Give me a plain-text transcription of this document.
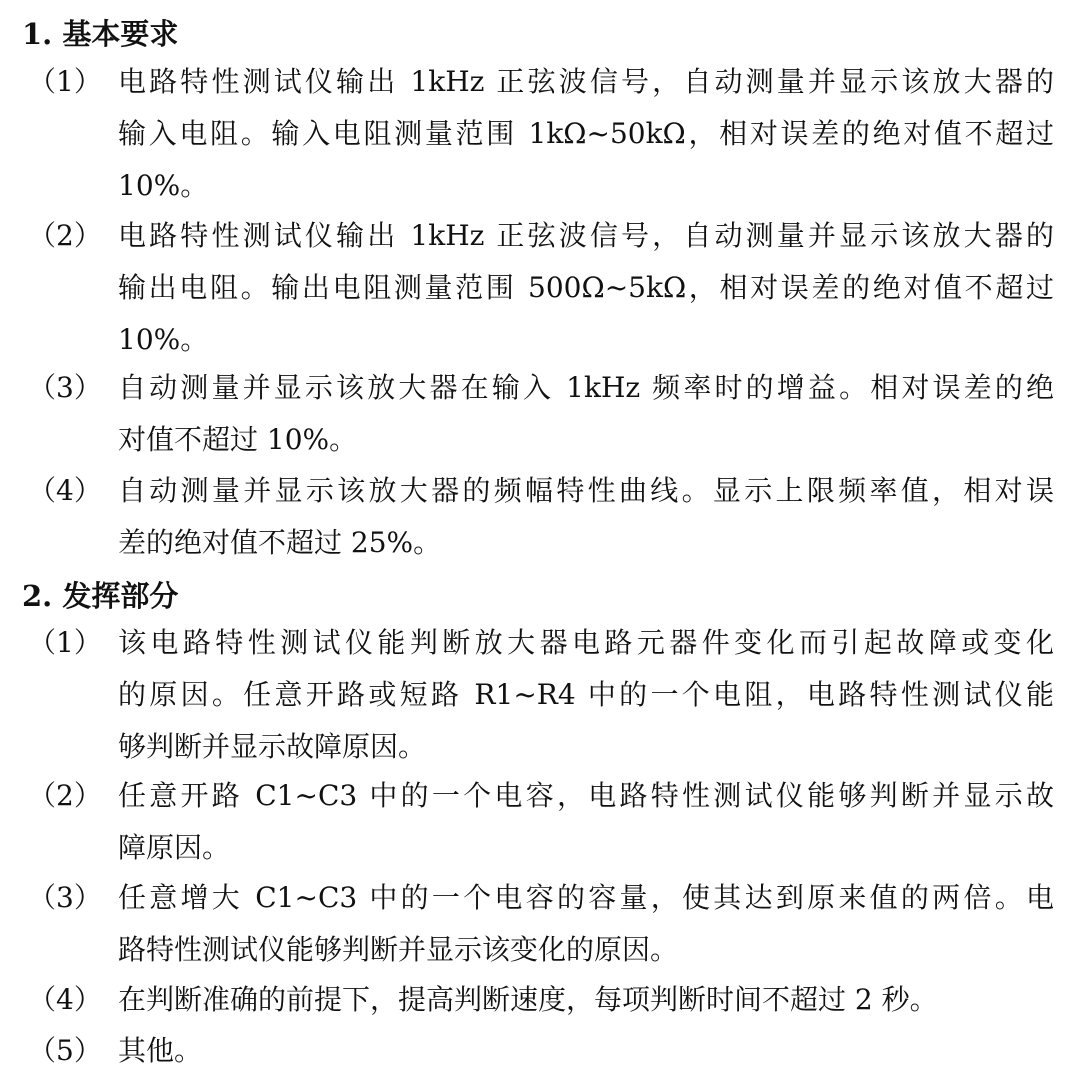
1. 基本要求
（1） 电路特性测试仪输出 1kHz 正弦波信号，自动测量并显示该放大器的
输入电阻。输入电阻测量范围 1kΩ~50kΩ，相对误差的绝对值不超过
10%。
（2） 电路特性测试仪输出 1kHz 正弦波信号，自动测量并显示该放大器的
输出电阻。输出电阻测量范围 500Ω~5kΩ，相对误差的绝对值不超过
10%。
（3） 自动测量并显示该放大器在输入 1kHz 频率时的增益。相对误差的绝
对值不超过 10%。
（4） 自动测量并显示该放大器的频幅特性曲线。显示上限频率值，相对误
差的绝对值不超过 25%。
2. 发挥部分
（1） 该电路特性测试仪能判断放大器电路元器件变化而引起故障或变化
的原因。任意开路或短路 R1~R4 中的一个电阻，电路特性测试仪能
够判断并显示故障原因。
（2） 任意开路 C1~C3 中的一个电容，电路特性测试仪能够判断并显示故
障原因。
（3） 任意增大 C1~C3 中的一个电容的容量，使其达到原来值的两倍。电
路特性测试仪能够判断并显示该变化的原因。
（4） 在判断准确的前提下，提高判断速度，每项判断时间不超过 2 秒。
（5） 其他。
